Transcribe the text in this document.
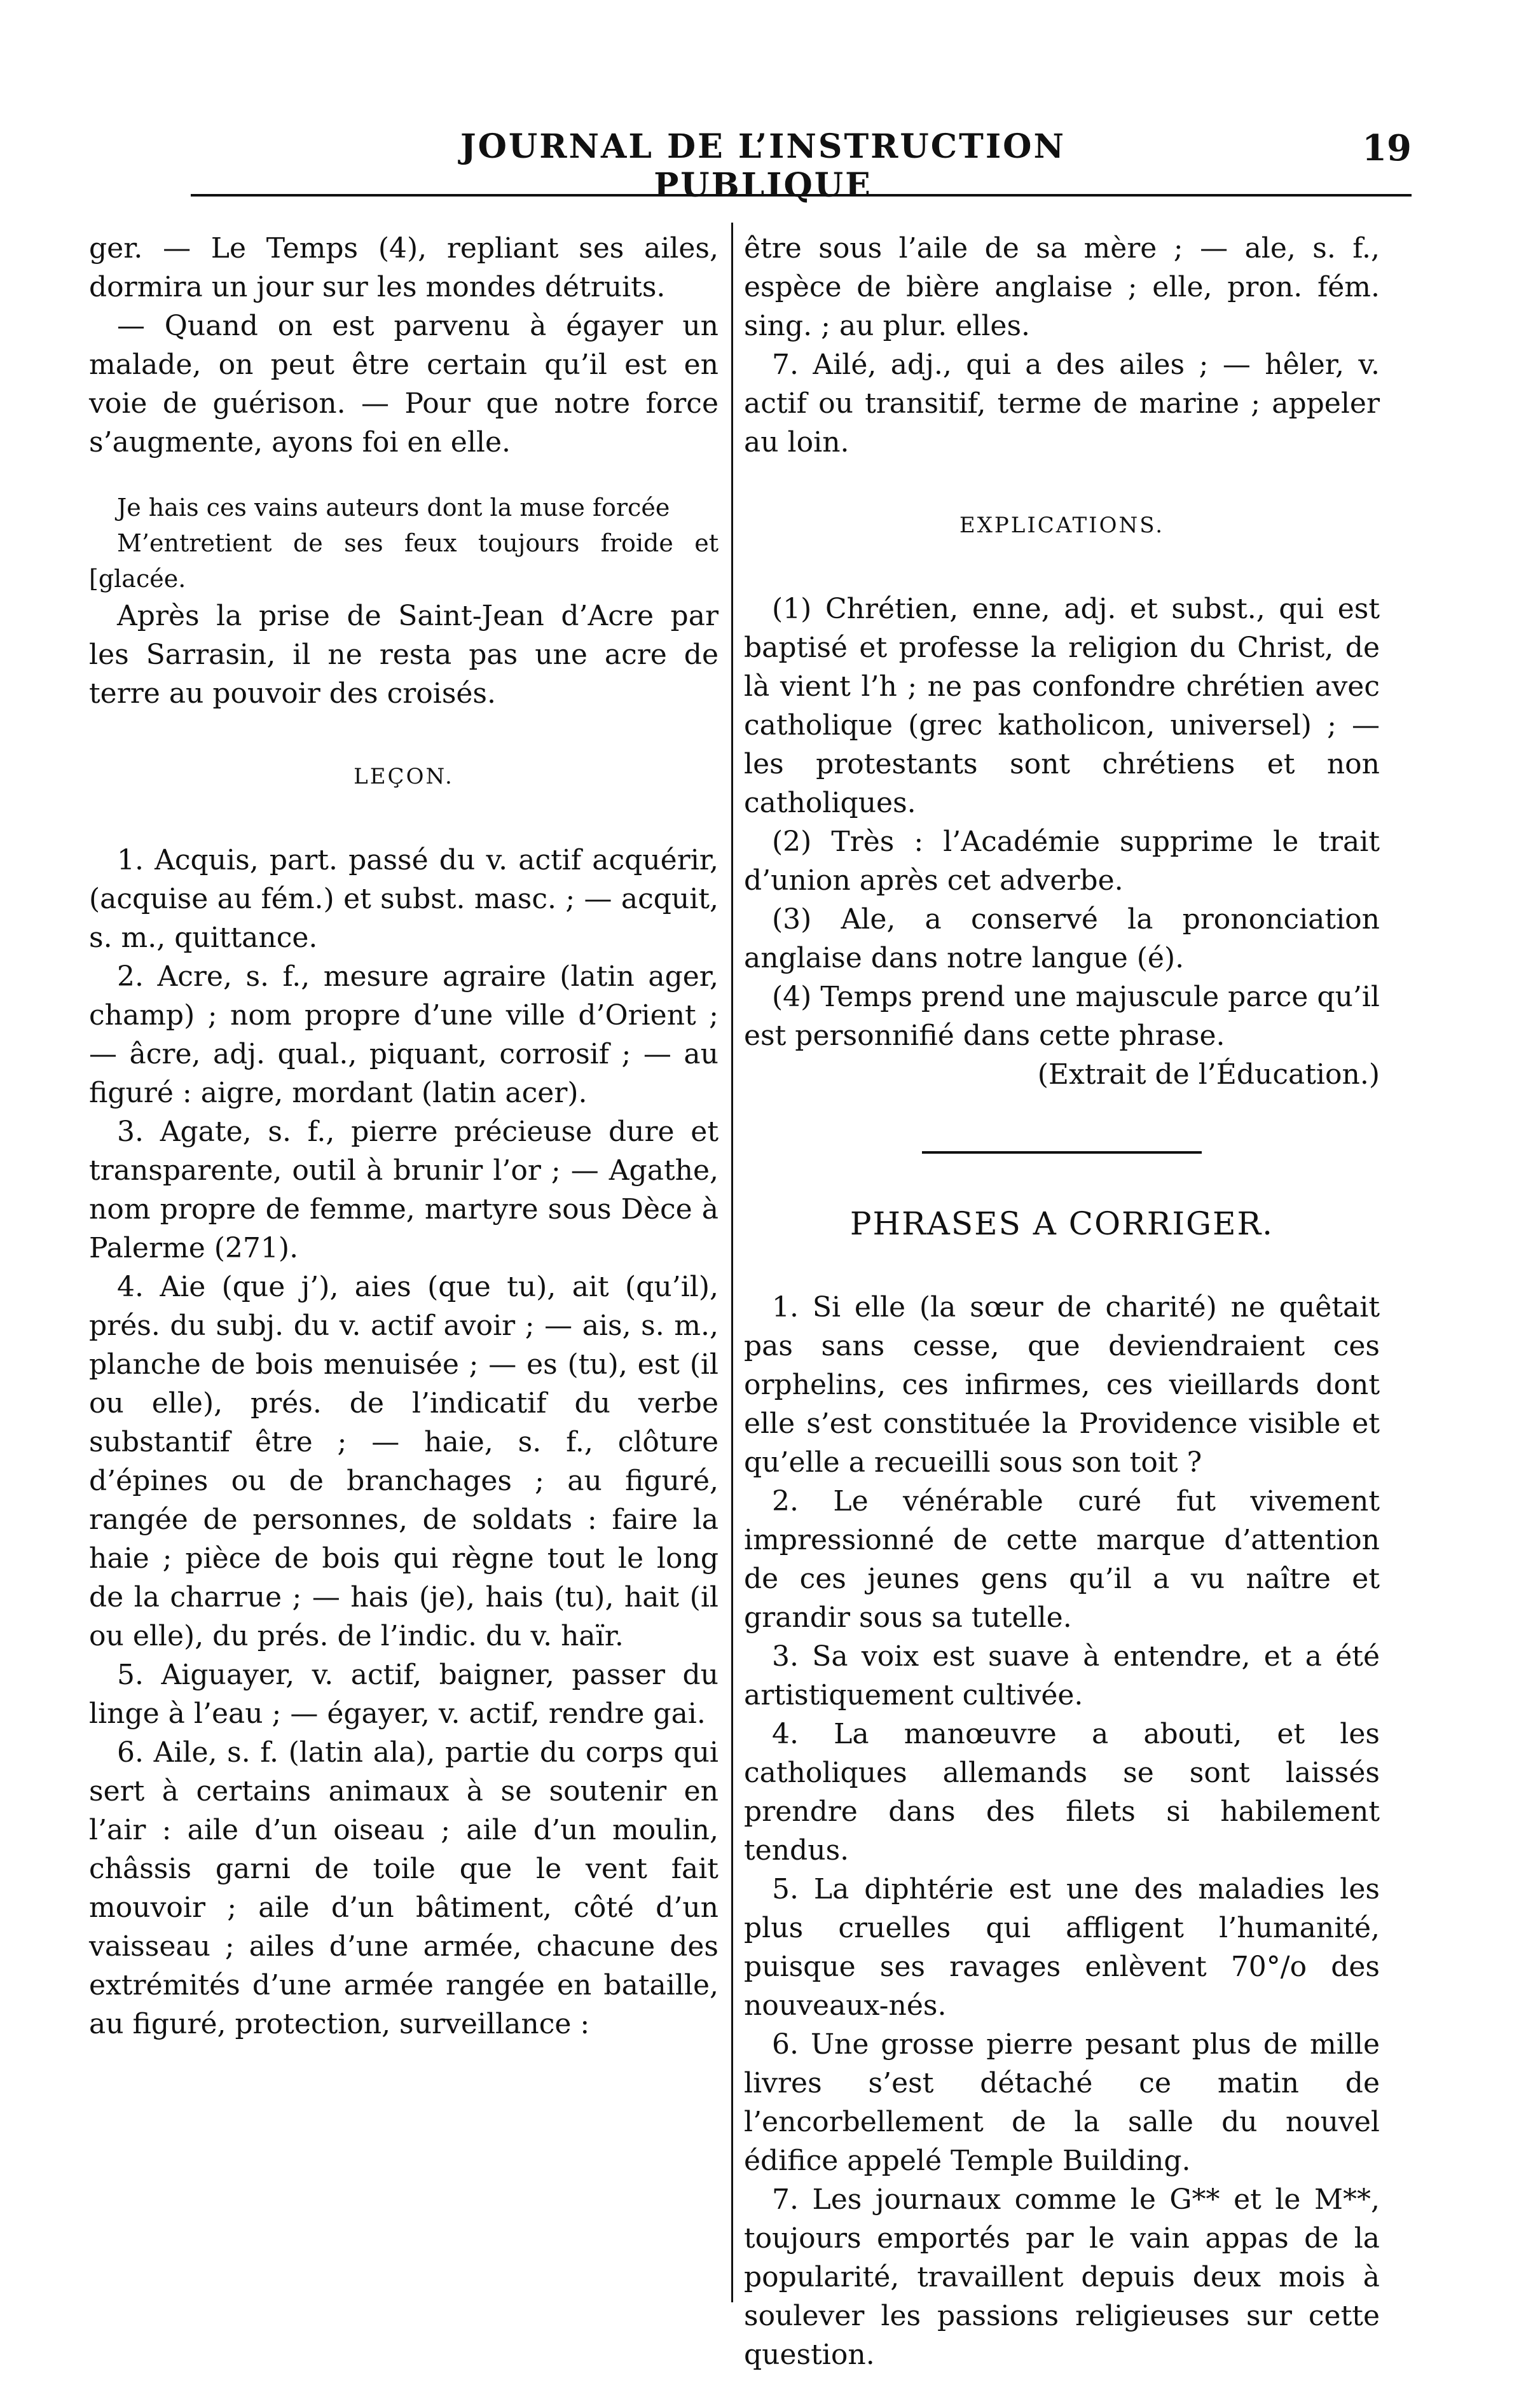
JOURNAL DE L’INSTRUCTION PUBLIQUE
19

ger. — Le Temps (4), repliant ses ailes, dormira un jour sur les mondes détruits.

— Quand on est parvenu à égayer un malade, on peut être certain qu’il est en voie de guérison. — Pour que notre force s’augmente, ayons foi en elle.

Je hais ces vains auteurs dont la muse forcée

M’entretient de ses feux toujours froide et [glacée.

Après la prise de Saint-Jean d’Acre par les Sarrasin, il ne resta pas une acre de terre au pouvoir des croisés.

LEÇON.

1. Acquis, part. passé du v. actif acquérir, (acquise au fém.) et subst. masc. ; — acquit, s. m., quittance.

2. Acre, s. f., mesure agraire (latin ager, champ) ; nom propre d’une ville d’Orient ; — âcre, adj. qual., piquant, corrosif ; — au figuré : aigre, mordant (latin acer).

3. Agate, s. f., pierre précieuse dure et transparente, outil à brunir l’or ; — Agathe, nom propre de femme, martyre sous Dèce à Palerme (271).

4. Aie (que j’), aies (que tu), ait (qu’il), prés. du subj. du v. actif avoir ; — ais, s. m., planche de bois menuisée ; — es (tu), est (il ou elle), prés. de l’indicatif du verbe substantif être ; — haie, s. f., clôture d’épines ou de branchages ; au figuré, rangée de personnes, de soldats : faire la haie ; pièce de bois qui règne tout le long de la charrue ; — hais (je), hais (tu), hait (il ou elle), du prés. de l’indic. du v. haïr.

5. Aiguayer, v. actif, baigner, passer du linge à l’eau ; — égayer, v. actif, rendre gai.

6. Aile, s. f. (latin ala), partie du corps qui sert à certains animaux à se soutenir en l’air : aile d’un oiseau ; aile d’un moulin, châssis garni de toile que le vent fait mouvoir ; aile d’un bâtiment, côté d’un vaisseau ; ailes d’une armée, chacune des extrémités d’une armée rangée en bataille, au figuré, protection, surveillance :

être sous l’aile de sa mère ; — ale, s. f., espèce de bière anglaise ; elle, pron. fém. sing. ; au plur. elles.

7. Ailé, adj., qui a des ailes ; — hêler, v. actif ou transitif, terme de marine ; appeler au loin.

EXPLICATIONS.

(1) Chrétien, enne, adj. et subst., qui est baptisé et professe la religion du Christ, de là vient l’h ; ne pas confondre chrétien avec catholique (grec katholicon, universel) ; — les protestants sont chrétiens et non catholiques.

(2) Très : l’Académie supprime le trait d’union après cet adverbe.

(3) Ale, a conservé la prononciation anglaise dans notre langue (é).

(4) Temps prend une majuscule parce qu’il est personnifié dans cette phrase.

(Extrait de l’Éducation.)

PHRASES A CORRIGER.

1. Si elle (la sœur de charité) ne quêtait pas sans cesse, que deviendraient ces orphelins, ces infirmes, ces vieillards dont elle s’est constituée la Providence visible et qu’elle a recueilli sous son toit ?

2. Le vénérable curé fut vivement impressionné de cette marque d’attention de ces jeunes gens qu’il a vu naître et grandir sous sa tutelle.

3. Sa voix est suave à entendre, et a été artistiquement cultivée.

4. La manœuvre a abouti, et les catholiques allemands se sont laissés prendre dans des filets si habilement tendus.

5. La diphtérie est une des maladies les plus cruelles qui affligent l’humanité, puisque ses ravages enlèvent 70°/o des nouveaux-nés.

6. Une grosse pierre pesant plus de mille livres s’est détaché ce matin de l’encorbellement de la salle du nouvel édifice appelé Temple Building.

7. Les journaux comme le G** et le M**, toujours emportés par le vain appas de la popularité, travaillent depuis deux mois à soulever les passions religieuses sur cette question.
